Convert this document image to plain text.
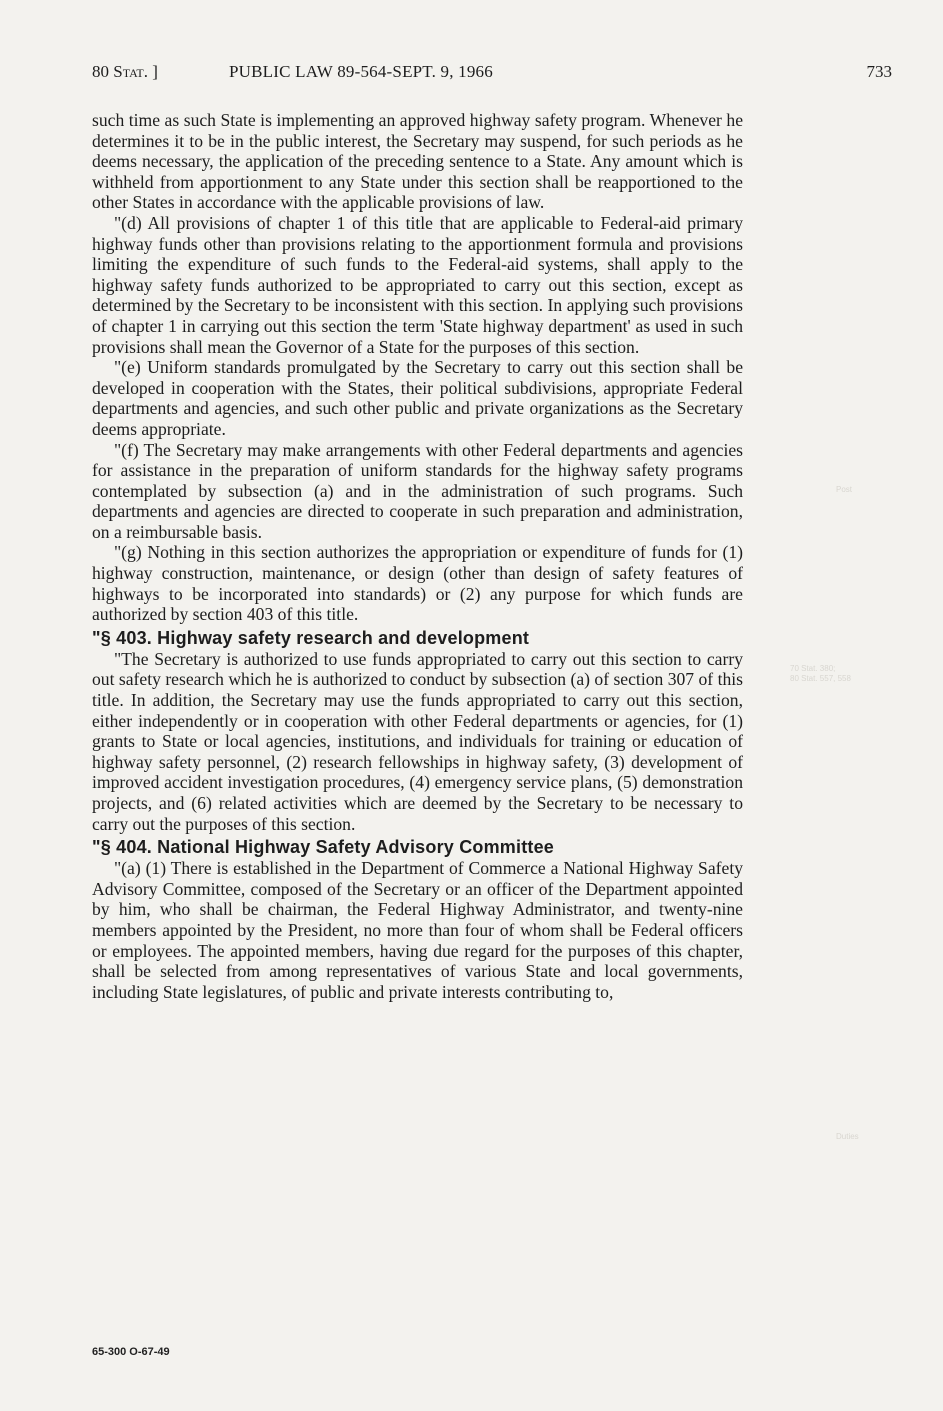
80 Stat. ]	PUBLIC LAW 89-564-SEPT. 9, 1966	733
Post
70 Stat. 380;
80 Stat. 557, 558
Duties

such time as such State is implementing an approved highway safety program. Whenever he determines it to be in the public interest, the Secretary may suspend, for such periods as he deems necessary, the application of the preceding sentence to a State. Any amount which is withheld from apportionment to any State under this section shall be reapportioned to the other States in accordance with the applicable provisions of law.

"(d) All provisions of chapter 1 of this title that are applicable to Federal-aid primary highway funds other than provisions relating to the apportionment formula and provisions limiting the expenditure of such funds to the Federal-aid systems, shall apply to the highway safety funds authorized to be appropriated to carry out this section, except as determined by the Secretary to be inconsistent with this section. In applying such provisions of chapter 1 in carrying out this section the term 'State highway department' as used in such provisions shall mean the Governor of a State for the purposes of this section.

"(e) Uniform standards promulgated by the Secretary to carry out this section shall be developed in cooperation with the States, their political subdivisions, appropriate Federal departments and agencies, and such other public and private organizations as the Secretary deems appropriate.

"(f) The Secretary may make arrangements with other Federal departments and agencies for assistance in the preparation of uniform standards for the highway safety programs contemplated by subsection (a) and in the administration of such programs. Such departments and agencies are directed to cooperate in such preparation and administration, on a reimbursable basis.

"(g) Nothing in this section authorizes the appropriation or expenditure of funds for (1) highway construction, maintenance, or design (other than design of safety features of highways to be incorporated into standards) or (2) any purpose for which funds are authorized by section 403 of this title.

"§ 403. Highway safety research and development

"The Secretary is authorized to use funds appropriated to carry out this section to carry out safety research which he is authorized to conduct by subsection (a) of section 307 of this title. In addition, the Secretary may use the funds appropriated to carry out this section, either independently or in cooperation with other Federal departments or agencies, for (1) grants to State or local agencies, institutions, and individuals for training or education of highway safety personnel, (2) research fellowships in highway safety, (3) development of improved accident investigation procedures, (4) emergency service plans, (5) demonstration projects, and (6) related activities which are deemed by the Secretary to be necessary to carry out the purposes of this section.

"§ 404. National Highway Safety Advisory Committee

"(a) (1) There is established in the Department of Commerce a National Highway Safety Advisory Committee, composed of the Secretary or an officer of the Department appointed by him, who shall be chairman, the Federal Highway Administrator, and twenty-nine members appointed by the President, no more than four of whom shall be Federal officers or employees. The appointed members, having due regard for the purposes of this chapter, shall be selected from among representatives of various State and local governments, including State legislatures, of public and private interests contributing to,

65-300 O-67-49
